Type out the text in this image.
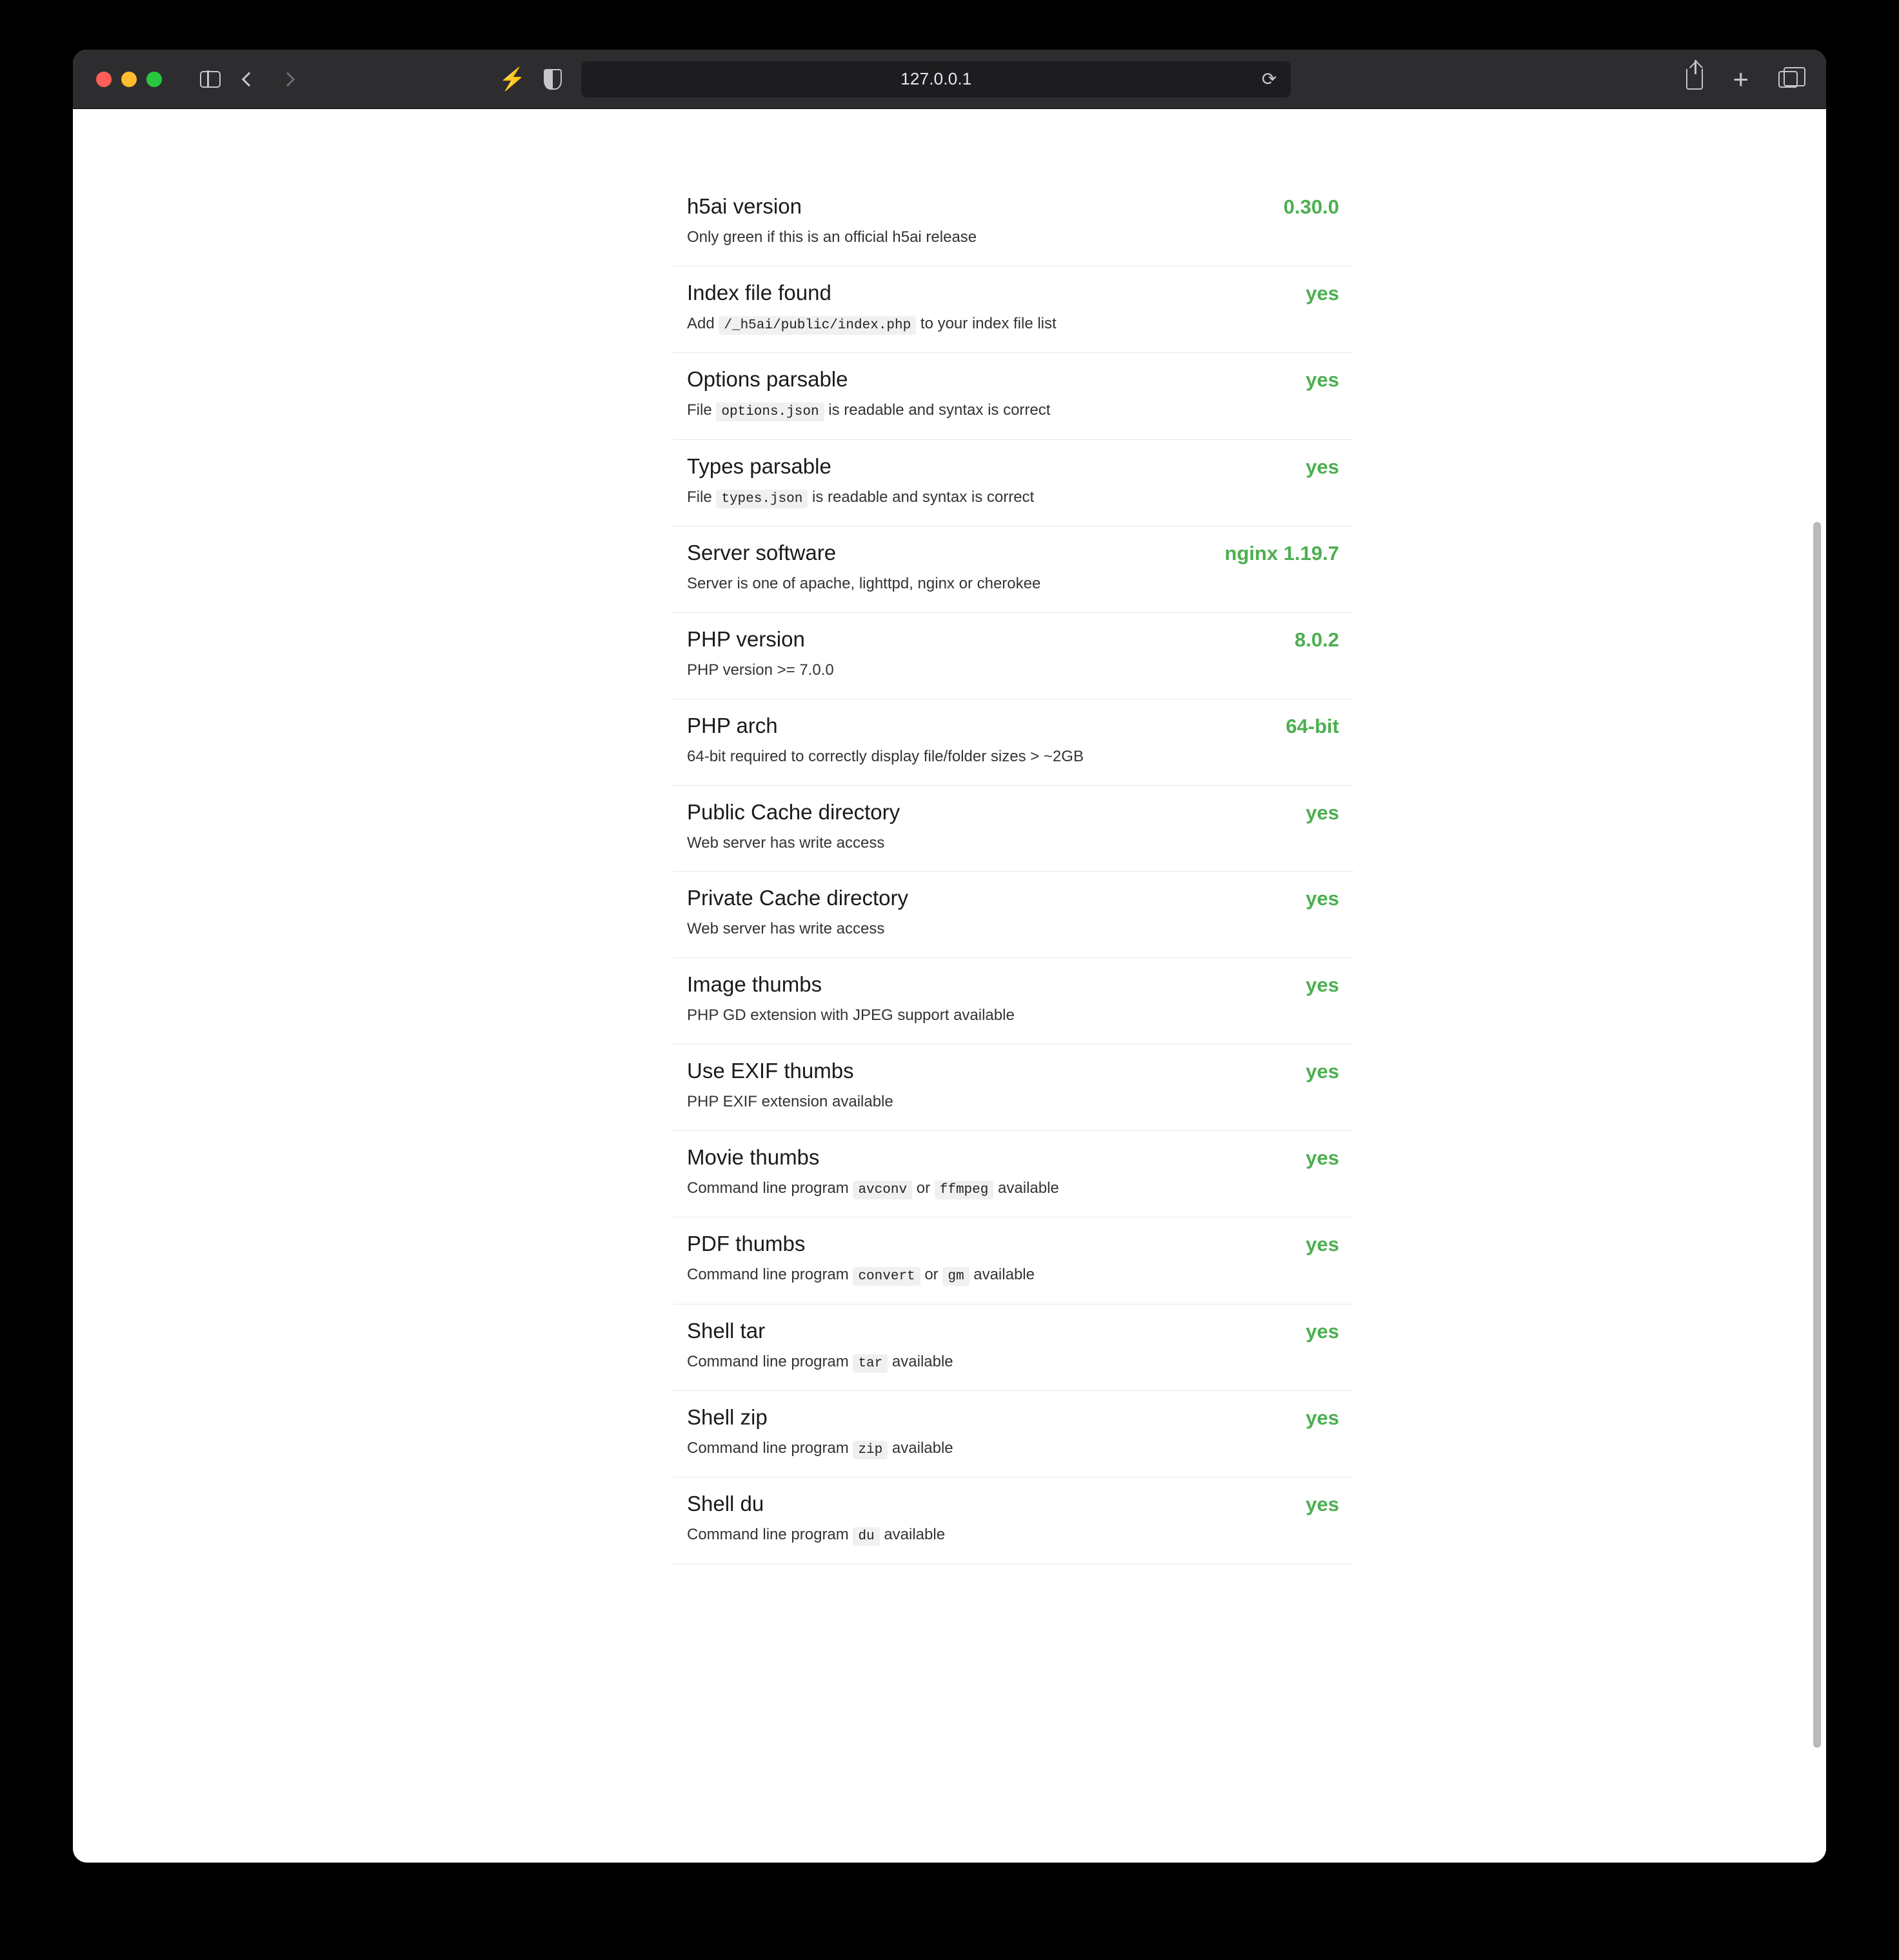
⚡	127.0.0.1	⟳	+
h5ai version	0.30.0
Only green if this is an official h5ai release
Index file found	yes
Add /_h5ai/public/index.php to your index file list
Options parsable	yes
File options.json is readable and syntax is correct
Types parsable	yes
File types.json is readable and syntax is correct
Server software	nginx 1.19.7
Server is one of apache, lighttpd, nginx or cherokee
PHP version	8.0.2
PHP version >= 7.0.0
PHP arch	64-bit
64-bit required to correctly display file/folder sizes > ~2GB
Public Cache directory	yes
Web server has write access
Private Cache directory	yes
Web server has write access
Image thumbs	yes
PHP GD extension with JPEG support available
Use EXIF thumbs	yes
PHP EXIF extension available
Movie thumbs	yes
Command line program avconv or ffmpeg available
PDF thumbs	yes
Command line program convert or gm available
Shell tar	yes
Command line program tar available
Shell zip	yes
Command line program zip available
Shell du	yes
Command line program du available
